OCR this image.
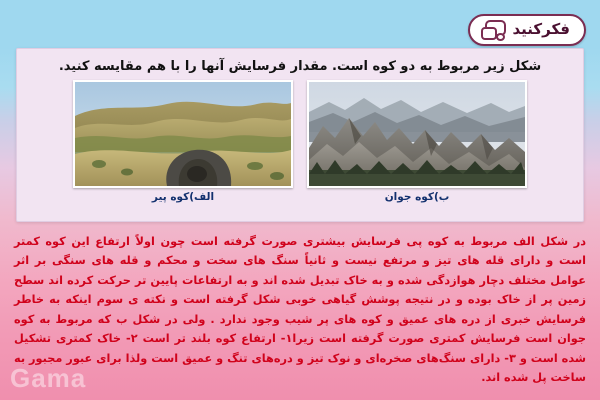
فکرکنید
شکل زیر مربوط به دو کوه است. مقدار فرسایش آنها را با هم مقایسه کنید.
ب)کوه جوان
الف)کوه پیر

در شکل الف مربوط به کوه پی فرسایش بیشتری صورت گرفته است چون اولاً ارتفاع این کوه کمتر است و دارای قله های تیز و مرتفع نیست و ثانیاً سنگ های سخت و محکم و قله های سنگی بر اثر عوامل مختلف دچار هوازدگی شده و به خاک تبدیل شده اند و به ارتفاعات پایین تر حرکت کرده اند سطح زمین پر از خاک بوده و در نتیجه پوشش گیاهی خوبی شکل گرفته است و نکته ی سوم اینکه به خاطر فرسایش خبری از دره های عمیق و کوه های پر شیب وجود ندارد . ولی در شکل ب که مربوط به کوه جوان است فرسایش کمتری صورت گرفته است زیرا۱- ارتفاع کوه بلند تر است ۲- خاک کمتری تشکیل شده است و ۳- دارای سنگ‌های صخره‌ای و نوک تیز و دره‌های تنگ و عمیق است ولذا برای عبور مجبور به ساخت پل شده اند.

Gama
